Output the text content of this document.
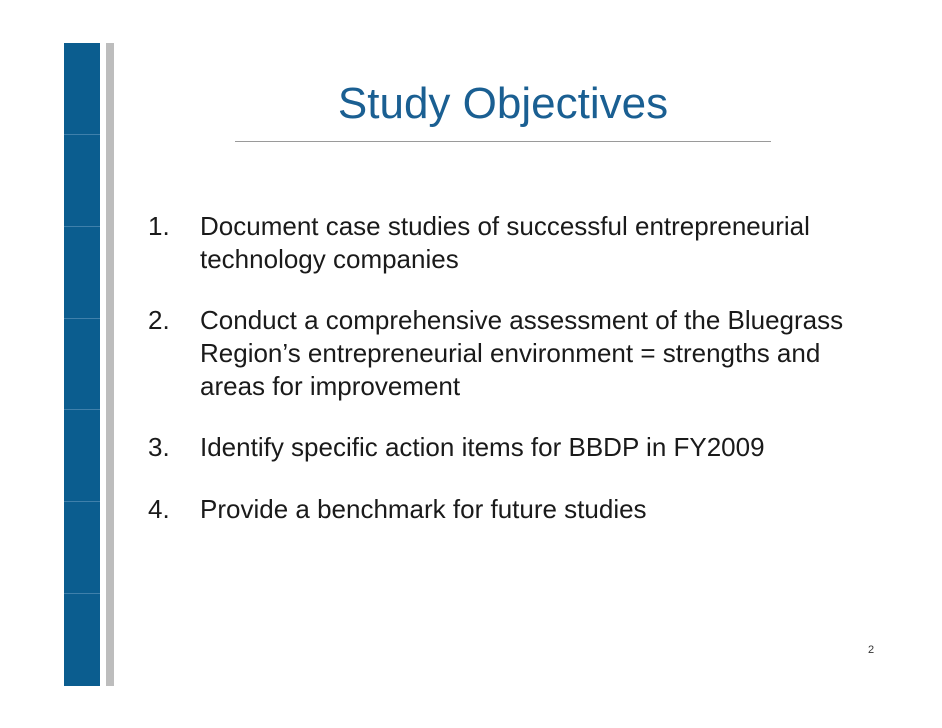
Study Objectives
1. Document case studies of successful entrepreneurial technology companies
2. Conduct a comprehensive assessment of the Bluegrass Region’s entrepreneurial environment = strengths and areas for improvement
3. Identify specific action items for BBDP in FY2009
4. Provide a benchmark for future studies
2
